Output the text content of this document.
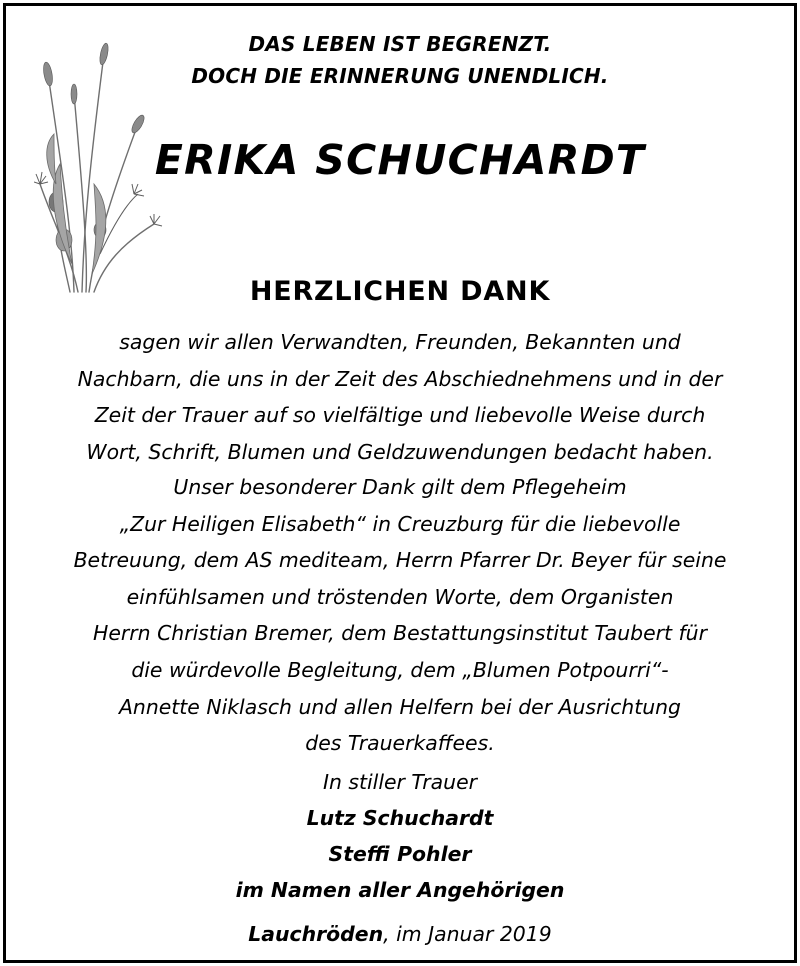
DAS LEBEN IST BEGRENZT.
DOCH DIE ERINNERUNG UNENDLICH.
ERIKA SCHUCHARDT
HERZLICHEN DANK
sagen wir allen Verwandten, Freunden, Bekannten und
Nachbarn, die uns in der Zeit des Abschiednehmens und in der
Zeit der Trauer auf so vielfältige und liebevolle Weise durch
Wort, Schrift, Blumen und Geldzuwendungen bedacht haben.
Unser besonderer Dank gilt dem Pflegeheim
„Zur Heiligen Elisabeth“ in Creuzburg für die liebevolle
Betreuung, dem AS mediteam, Herrn Pfarrer Dr. Beyer für seine
einfühlsamen und tröstenden Worte, dem Organisten
Herrn Christian Bremer, dem Bestattungsinstitut Taubert für
die würdevolle Begleitung, dem „Blumen Potpourri“-
Annette Niklasch und allen Helfern bei der Ausrichtung
des Trauerkaffees.
In stiller Trauer
Lutz Schuchardt
Steffi Pohler
im Namen aller Angehörigen
Lauchröden, im Januar 2019
